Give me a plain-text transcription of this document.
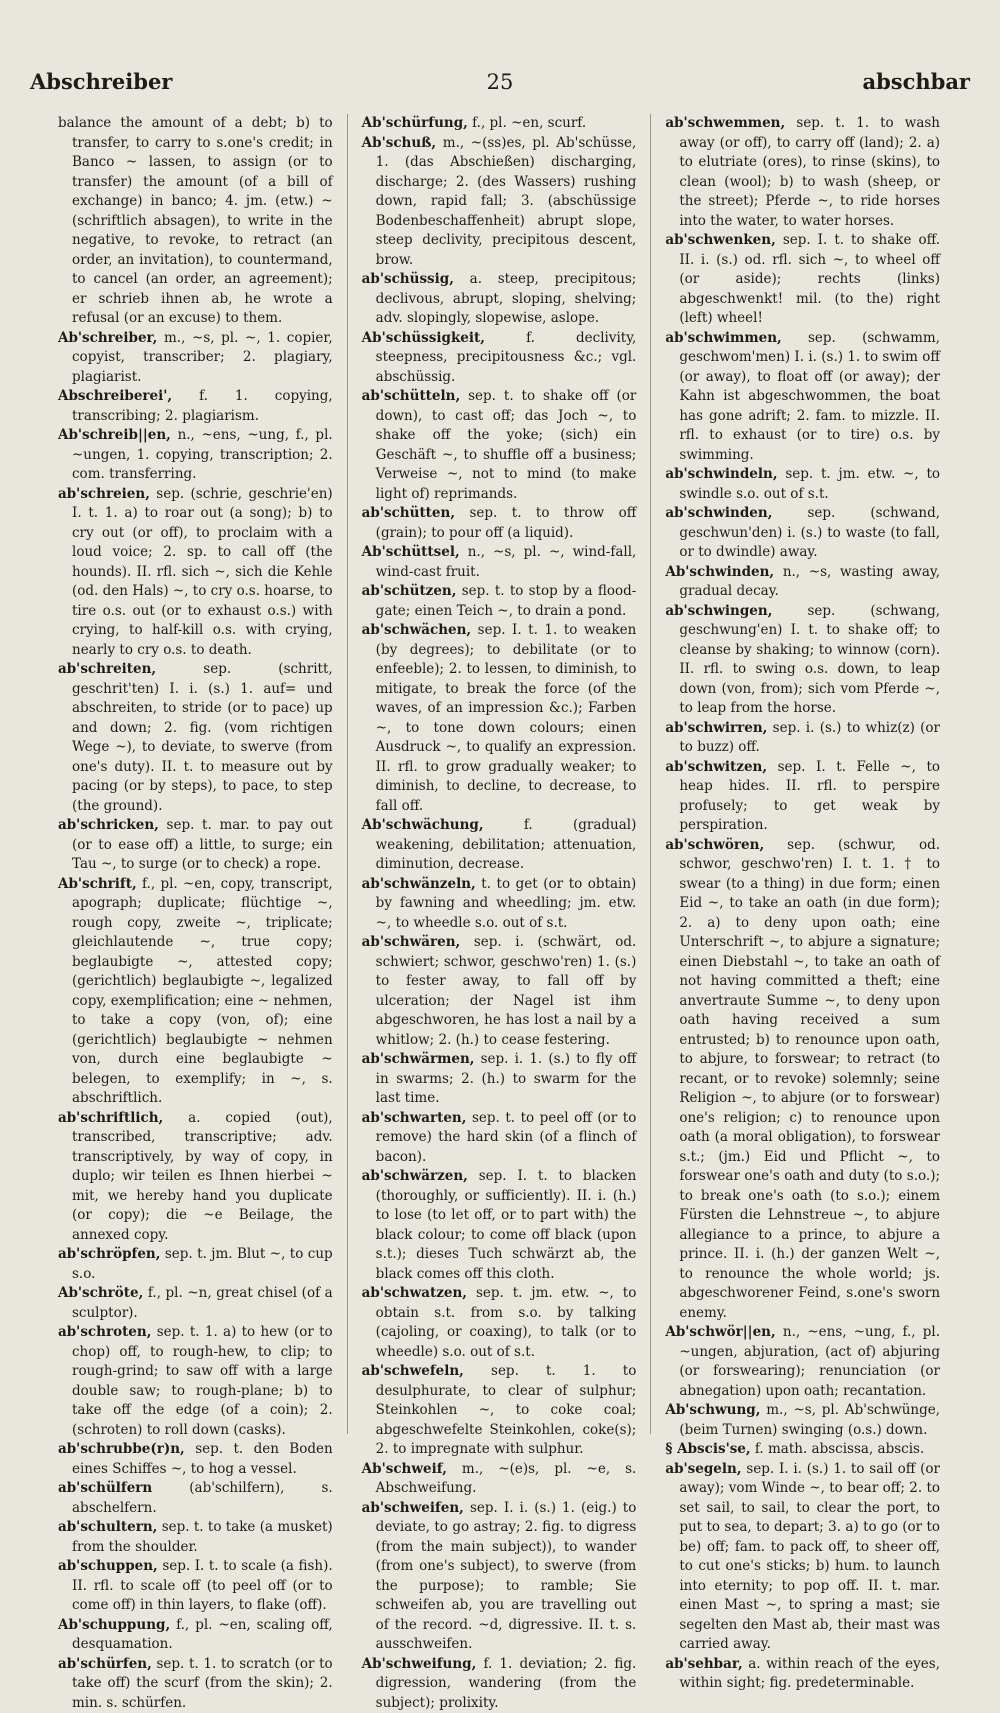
Abschreiber	25	abschbar
balance the amount of a debt; b) to transfer, to carry to s.one's credit; in Banco ~ lassen, to assign (or to transfer) the amount (of a bill of exchange) in banco; 4. jm. (etw.) ~ (schriftlich absagen), to write in the negative, to revoke, to retract (an order, an invitation), to countermand, to cancel (an order, an agreement); er schrieb ihnen ab, he wrote a refusal (or an excuse) to them.
Ab'schreiber, m., ~s, pl. ~, 1. copier, copyist, transcriber; 2. plagiary, plagiarist.
Abschreiberei', f. 1. copying, transcribing; 2. plagiarism.
Ab'schreib||en, n., ~ens, ~ung, f., pl. ~ungen, 1. copying, transcription; 2. com. transferring.
ab'schreien, sep. (schrie, geschrie'en) I. t. 1. a) to roar out (a song); b) to cry out (or off), to proclaim with a loud voice; 2. sp. to call off (the hounds). II. rfl. sich ~, sich die Kehle (od. den Hals) ~, to cry o.s. hoarse, to tire o.s. out (or to exhaust o.s.) with crying, to half-kill o.s. with crying, nearly to cry o.s. to death.
ab'schreiten,	sep. (schritt, geschrit'ten) I. i. (s.) 1. auf= und abschreiten, to stride (or to pace) up and down; 2. fig. (vom richtigen Wege ~), to deviate, to swerve (from one's duty). II. t. to measure out by pacing (or by steps), to pace, to step (the ground).
ab'schricken, sep. t. mar. to pay out (or to ease off) a little, to surge; ein Tau ~, to surge (or to check) a rope.
Ab'schrift, f., pl. ~en, copy, transcript, apograph; duplicate; flüchtige ~, rough copy, zweite ~, triplicate; gleichlautende ~, true copy; beglaubigte ~, attested copy; (gerichtlich) beglaubigte ~, legalized copy, exemplification; eine ~ nehmen, to take a copy (von, of); eine (gerichtlich) beglaubigte ~ nehmen von, durch eine beglaubigte ~ belegen, to exemplify; in ~, s. abschriftlich.
ab'schriftlich, a. copied (out), transcribed, transcriptive; adv. transcriptively, by way of copy, in duplo; wir teilen es Ihnen hierbei ~ mit, we hereby hand you duplicate (or copy); die ~e Beilage, the annexed copy.
ab'schröpfen, sep. t. jm. Blut ~, to cup s.o.
Ab'schröte, f., pl. ~n, great chisel (of a sculptor).
ab'schroten, sep. t. 1. a) to hew (or to chop) off, to rough-hew, to clip; to rough-grind; to saw off with a large double saw; to rough-plane; b) to take off the edge (of a coin); 2. (schroten) to roll down (casks).
ab'schrubbe(r)n, sep. t. den Boden eines Schiffes ~, to hog a vessel.
ab'schülfern	(ab'schilfern), s. abschelfern.
ab'schultern, sep. t. to take (a musket) from the shoulder.
ab'schuppen, sep. I. t. to scale (a fish). II. rfl. to scale off (to peel off (or to come off) in thin layers, to flake (off).
Ab'schuppung, f., pl. ~en, scaling off, desquamation.
ab'schürfen, sep. t. 1. to scratch (or to take off) the scurf (from the skin); 2. min. s. schürfen.
Ab'schürfung, f., pl. ~en, scurf.
Ab'schuß, m., ~(ss)es, pl. Ab'schüsse, 1. (das Abschießen) discharging, discharge; 2. (des Wassers) rushing down, rapid fall; 3. (abschüssige Bodenbeschaffenheit) abrupt slope, steep declivity, precipitous descent, brow.
ab'schüssig, a. steep, precipitous; declivous, abrupt, sloping, shelving; adv. slopingly, slopewise, aslope.
Ab'schüssigkeit,	f. declivity, steepness, precipitousness &c.; vgl. abschüssig.
ab'schütteln, sep. t. to shake off (or down), to cast off; das Joch ~, to shake off the yoke; (sich) ein Geschäft ~, to shuffle off a business; Verweise ~, not to mind (to make light of) reprimands.
ab'schütten, sep. t. to throw off (grain); to pour off (a liquid).
Ab'schüttsel, n., ~s, pl. ~, wind-fall, wind-cast fruit.
ab'schützen, sep. t. to stop by a flood-gate; einen Teich ~, to drain a pond.
ab'schwächen, sep. I. t. 1. to weaken (by degrees); to debilitate (or to enfeeble); 2. to lessen, to diminish, to mitigate, to break the force (of the waves, of an impression &c.); Farben ~, to tone down colours; einen Ausdruck ~, to qualify an expression. II. rfl. to grow gradually weaker; to diminish, to decline, to decrease, to fall off.
Ab'schwächung,	f. (gradual) weakening, debilitation; attenuation, diminution, decrease.
ab'schwänzeln, t. to get (or to obtain) by fawning and wheedling; jm. etw. ~, to wheedle s.o. out of s.t.
ab'schwären, sep. i. (schwärt, od. schwiert; schwor, geschwo'ren) 1. (s.) to fester away, to fall off by ulceration; der Nagel ist ihm abgeschworen, he has lost a nail by a whitlow; 2. (h.) to cease festering.
ab'schwärmen, sep. i. 1. (s.) to fly off in swarms; 2. (h.) to swarm for the last time.
ab'schwarten, sep. t. to peel off (or to remove) the hard skin (of a flinch of bacon).
ab'schwärzen, sep. I. t. to blacken (thoroughly, or sufficiently). II. i. (h.) to lose (to let off, or to part with) the black colour; to come off black (upon s.t.); dieses Tuch schwärzt ab, the black comes off this cloth.
ab'schwatzen, sep. t. jm. etw. ~, to obtain s.t. from s.o. by talking (cajoling, or coaxing), to talk (or to wheedle) s.o. out of s.t.
ab'schwefeln, sep. t. 1. to desulphurate, to clear of sulphur; Steinkohlen ~, to coke coal; abgeschwefelte Steinkohlen, coke(s); 2. to impregnate with sulphur.
Ab'schweif, m., ~(e)s, pl. ~e, s. Abschweifung.
ab'schweifen, sep. I. i. (s.) 1. (eig.) to deviate, to go astray; 2. fig. to digress (from the main subject)), to wander (from one's subject), to swerve (from the purpose); to ramble; Sie schweifen ab, you are travelling out of the record. ~d, digressive. II. t. s. ausschweifen.
Ab'schweifung, f. 1. deviation; 2. fig. digression, wandering (from the subject); prolixity.
ab'schwemmen, sep. t. 1. to wash away (or off), to carry off (land); 2. a) to elutriate (ores), to rinse (skins), to clean (wool); b) to wash (sheep, or the street); Pferde ~, to ride horses into the water, to water horses.
ab'schwenken, sep. I. t. to shake off. II. i. (s.) od. rfl. sich ~, to wheel off (or aside); rechts (links) abgeschwenkt! mil. (to the) right (left) wheel!
ab'schwimmen, sep. (schwamm, geschwom'men) I. i. (s.) 1. to swim off (or away), to float off (or away); der Kahn ist abgeschwommen, the boat has gone adrift; 2. fam. to mizzle. II. rfl. to exhaust (or to tire) o.s. by swimming.
ab'schwindeln, sep. t. jm. etw. ~, to swindle s.o. out of s.t.
ab'schwinden,	sep. (schwand, geschwun'den) i. (s.) to waste (to fall, or to dwindle) away.
Ab'schwinden, n., ~s, wasting away, gradual decay.
ab'schwingen,	sep. (schwang, geschwung'en) I. t. to shake off; to cleanse by shaking; to winnow (corn). II. rfl. to swing o.s. down, to leap down (von, from); sich vom Pferde ~, to leap from the horse.
ab'schwirren, sep. i. (s.) to whiz(z) (or to buzz) off.
ab'schwitzen, sep. I. t. Felle ~, to heap hides. II. rfl. to perspire profusely; to get weak by perspiration.
ab'schwören, sep. (schwur, od. schwor, geschwo'ren) I. t. 1. † to swear (to a thing) in due form; einen Eid ~, to take an oath (in due form); 2. a) to deny upon oath; eine Unterschrift ~, to abjure a signature; einen Diebstahl ~, to take an oath of not having committed a theft; eine anvertraute Summe ~, to deny upon oath having received a sum entrusted; b) to renounce upon oath, to abjure, to forswear; to retract (to recant, or to revoke) solemnly; seine Religion ~, to abjure (or to forswear) one's religion; c) to renounce upon oath (a moral obligation), to forswear s.t.; (jm.) Eid und Pflicht ~, to forswear one's oath and duty (to s.o.); to break one's oath (to s.o.); einem Fürsten die Lehnstreue ~, to abjure allegiance to a prince, to abjure a prince. II. i. (h.) der ganzen Welt ~, to renounce the whole world; js. abgeschworener Feind, s.one's sworn enemy.
Ab'schwör||en, n., ~ens, ~ung, f., pl. ~ungen, abjuration, (act of) abjuring (or forswearing); renunciation (or abnegation) upon oath; recantation.
Ab'schwung, m., ~s, pl. Ab'schwünge, (beim Turnen) swinging (o.s.) down.
§ Abscis'se, f. math. abscissa, abscis.
ab'segeln, sep. I. i. (s.) 1. to sail off (or away); vom Winde ~, to bear off; 2. to set sail, to sail, to clear the port, to put to sea, to depart; 3. a) to go (or to be) off; fam. to pack off, to sheer off, to cut one's sticks; b) hum. to launch into eternity; to pop off. II. t. mar. einen Mast ~, to spring a mast; sie segelten den Mast ab, their mast was carried away.
ab'sehbar, a. within reach of the eyes, within sight; fig. predeterminable.
